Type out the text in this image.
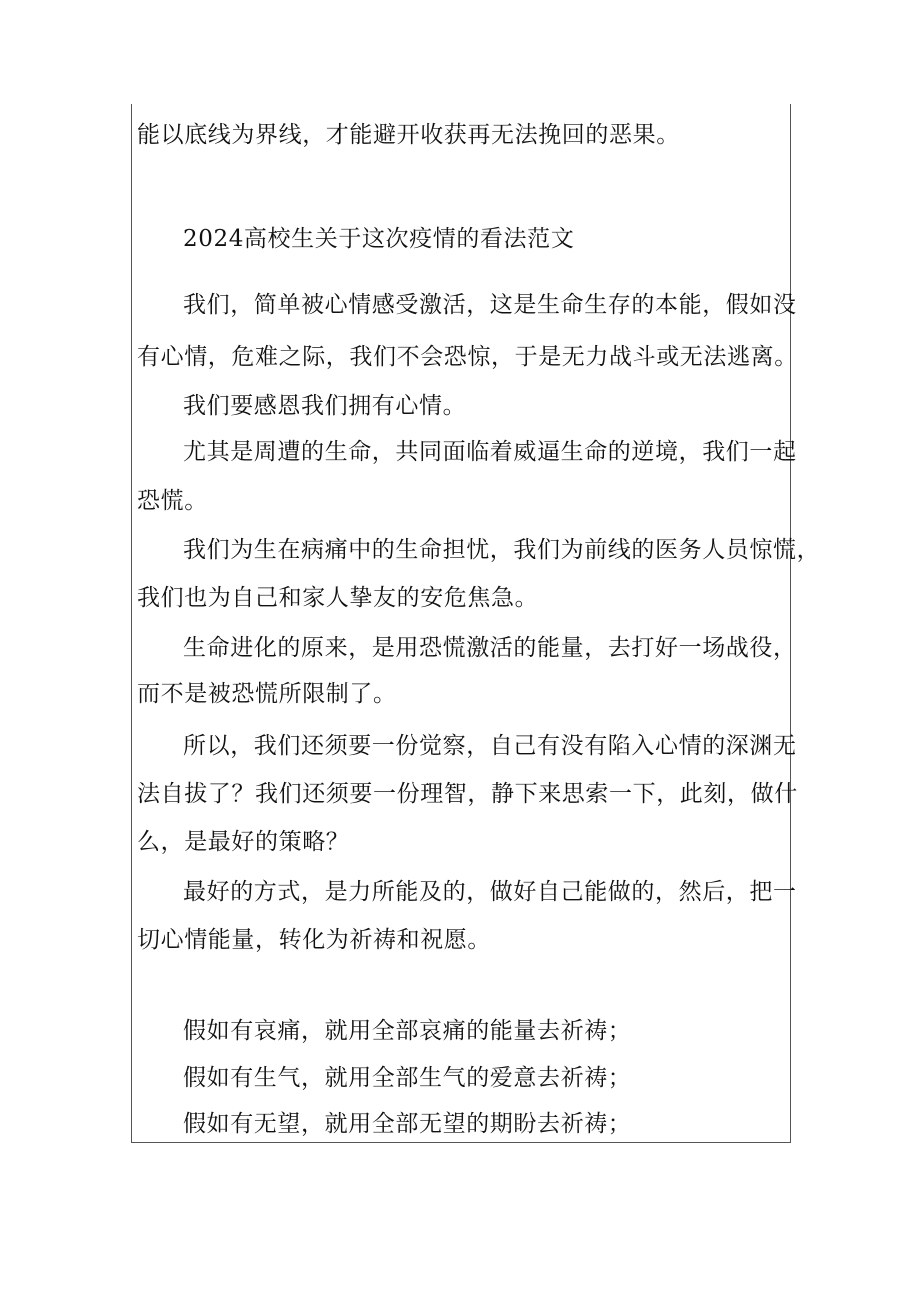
能以底线为界线，才能避开收获再无法挽回的恶果。
2024高校生关于这次疫情的看法范文
我们，简单被心情感受激活，这是生命生存的本能，假如没
有心情，危难之际，我们不会恐惊，于是无力战斗或无法逃离。
我们要感恩我们拥有心情。
尤其是周遭的生命，共同面临着威逼生命的逆境，我们一起
恐慌。
我们为生在病痛中的生命担忧，我们为前线的医务人员惊慌，
我们也为自己和家人挚友的安危焦急。
生命进化的原来，是用恐慌激活的能量，去打好一场战役，
而不是被恐慌所限制了。
所以，我们还须要一份觉察，自己有没有陷入心情的深渊无
法自拔了？我们还须要一份理智，静下来思索一下，此刻，做什
么，是最好的策略？
最好的方式，是力所能及的，做好自己能做的，然后，把一
切心情能量，转化为祈祷和祝愿。
假如有哀痛，就用全部哀痛的能量去祈祷；
假如有生气，就用全部生气的爱意去祈祷；
假如有无望，就用全部无望的期盼去祈祷；
